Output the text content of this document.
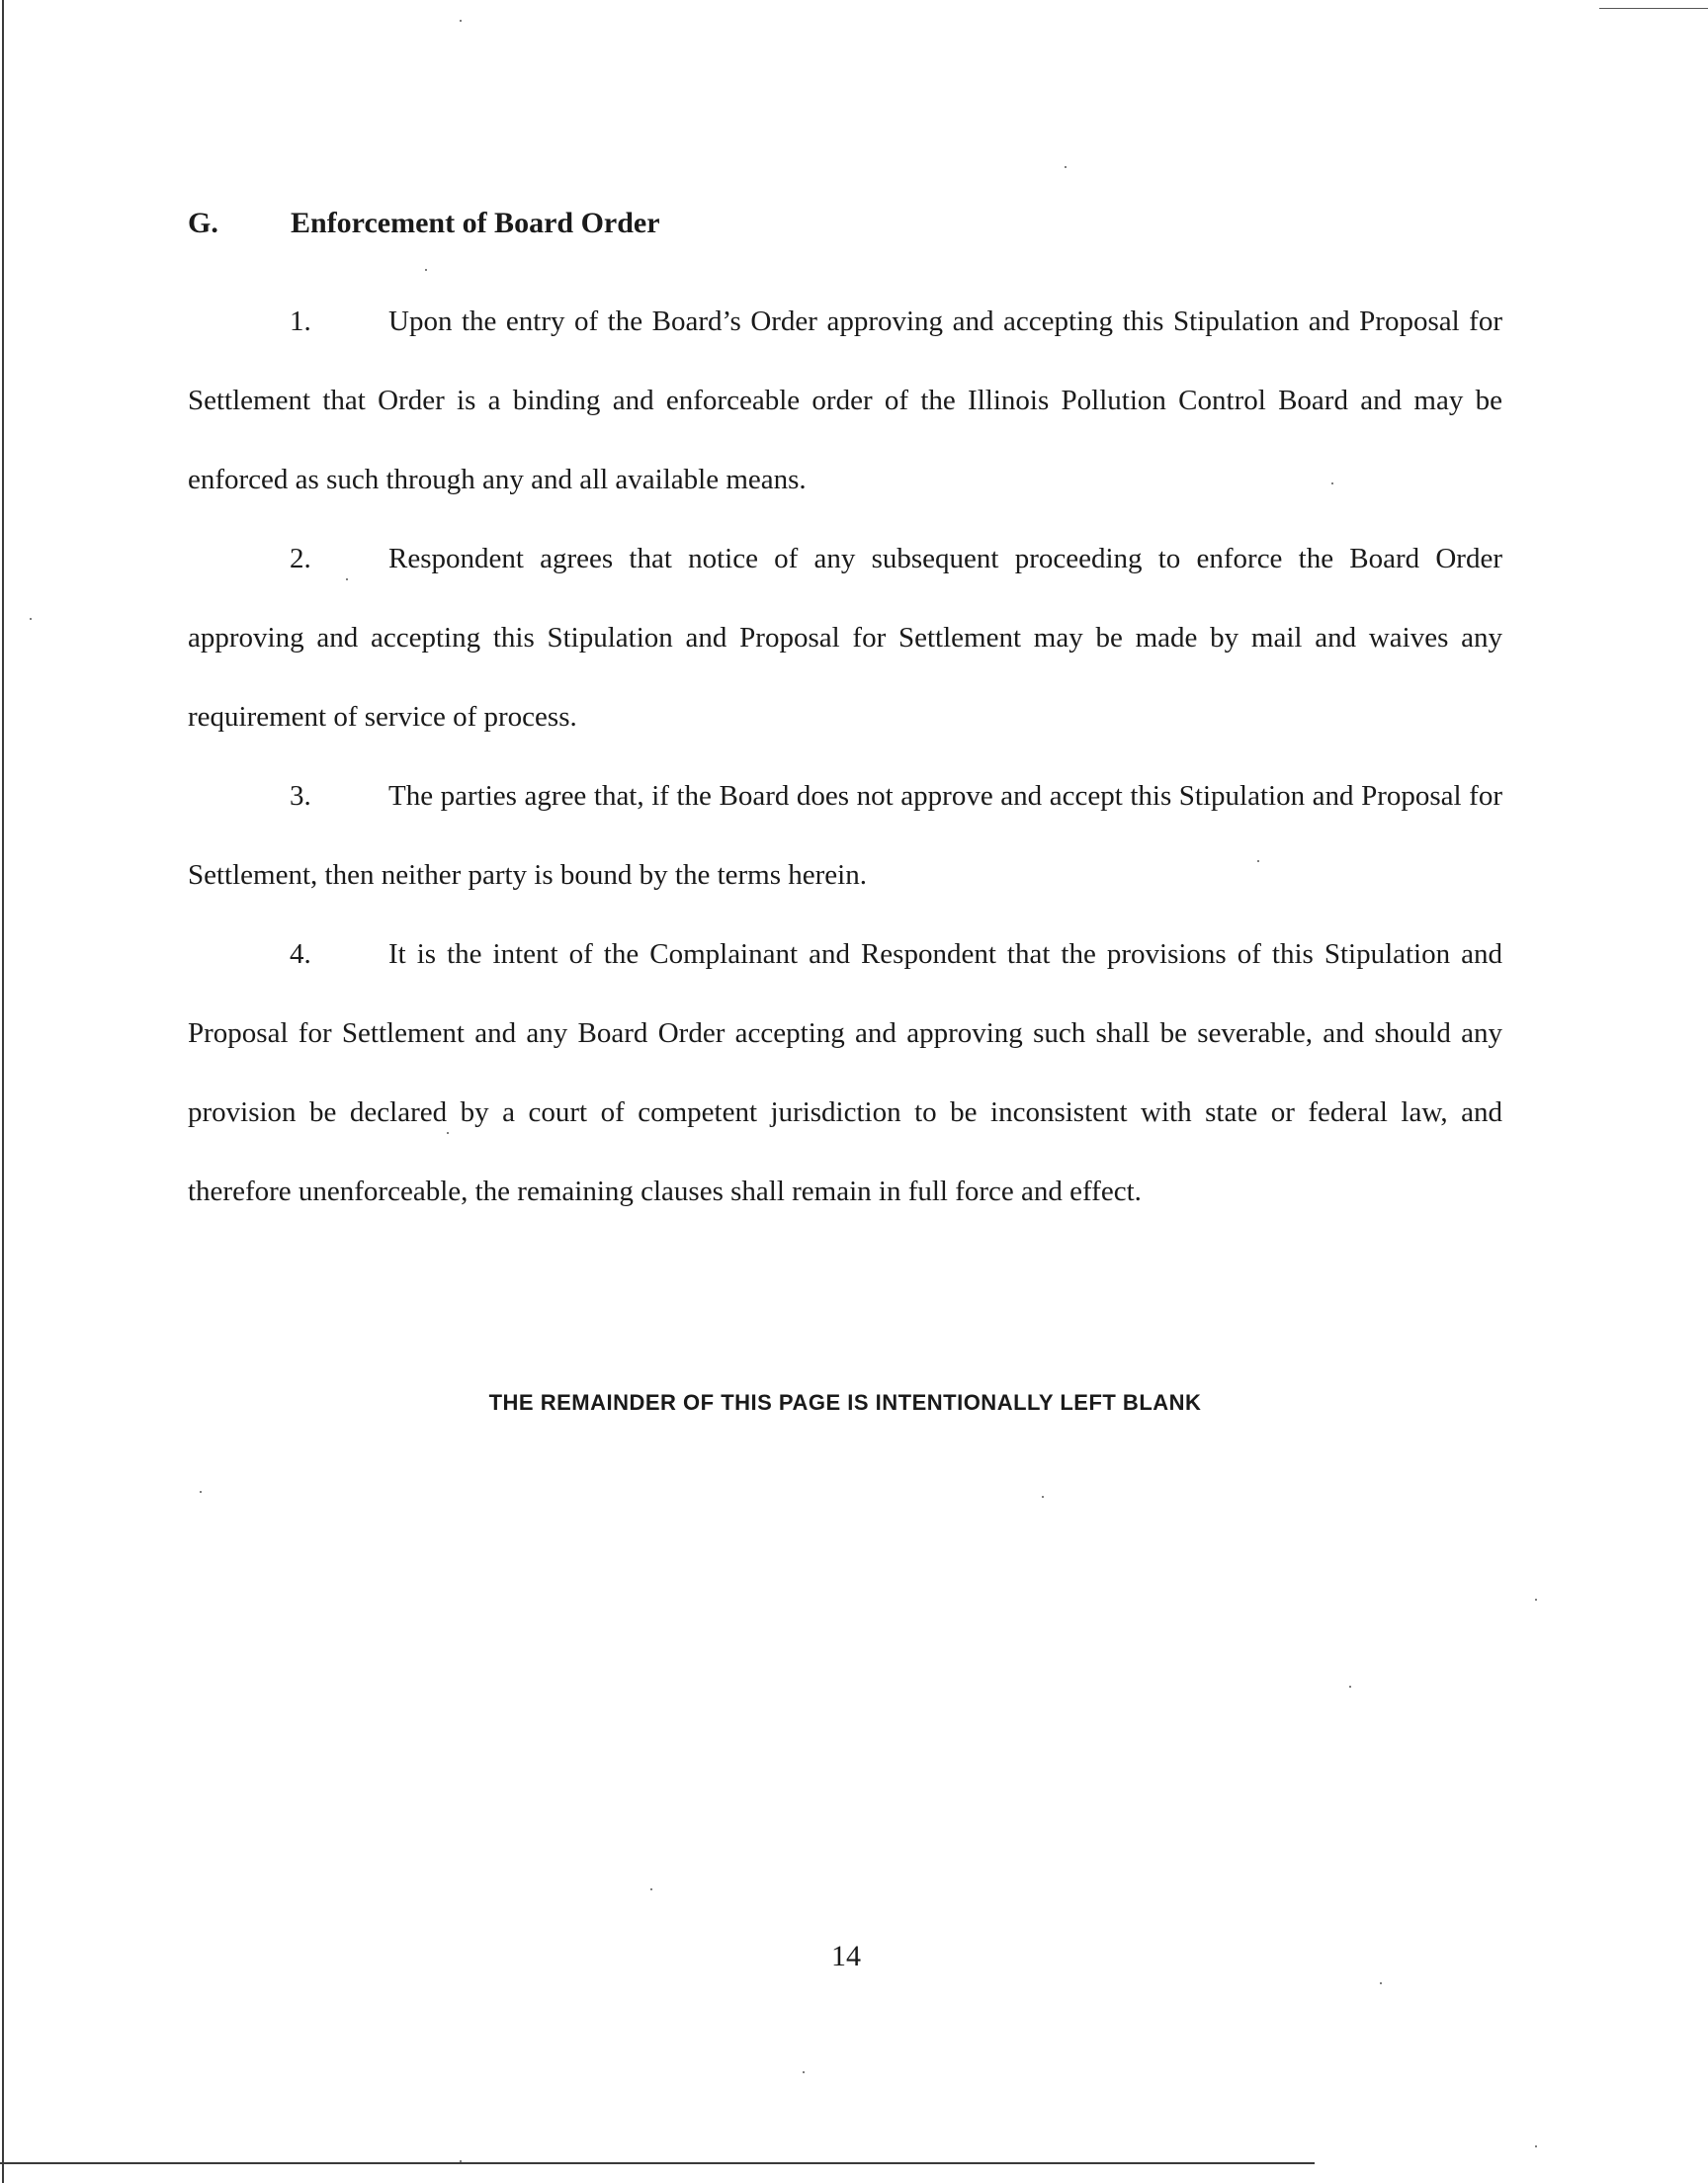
G. Enforcement of Board Order

1.	Upon the entry of the Board’s Order approving and accepting this Stipulation and Proposal for Settlement that Order is a binding and enforceable order of the Illinois Pollution Control Board and may be enforced as such through any and all available means.

2.	Respondent agrees that notice of any subsequent proceeding to enforce the Board Order approving and accepting this Stipulation and Proposal for Settlement may be made by mail and waives any requirement of service of process.

3.	The parties agree that, if the Board does not approve and accept this Stipulation and Proposal for Settlement, then neither party is bound by the terms herein.

4.	It is the intent of the Complainant and Respondent that the provisions of this Stipulation and Proposal for Settlement and any Board Order accepting and approving such shall be severable, and should any provision be declared by a court of competent jurisdiction to be inconsistent with state or federal law, and therefore unenforceable, the remaining clauses shall remain in full force and effect.

THE REMAINDER OF THIS PAGE IS INTENTIONALLY LEFT BLANK
14
